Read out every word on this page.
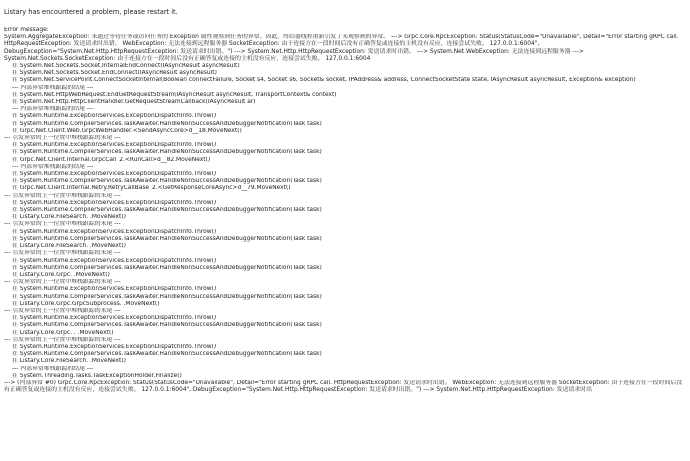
Listary has encountered a problem, please restart it.
Error message:
System.AggregateException: 未通过等待任务或访问任务的 Exception 属性观察到任务的异常。因此，终结器线程重新引发了未观察到的异常。 ---> Grpc.Core.RpcException: Status(StatusCode="Unavailable", Detail="Error starting gRPC call. HttpRequestException: 发送请求时出错。 WebException: 无法连接到远程服务器 SocketException: 由于连接方在一段时间后没有正确答复或连接的主机没有反应，连接尝试失败。 127.0.0.1:6004", DebugException="System.Net.Http.HttpRequestException: 发送请求时出错。") ---> System.Net.Http.HttpRequestException: 发送请求时出错。 ---> System.Net.WebException: 无法连接到远程服务器 ---> System.Net.Sockets.SocketException: 由于连接方在一段时间后没有正确答复或连接的主机没有反应，连接尝试失败。 127.0.0.1:6004
在 System.Net.Sockets.Socket.InternalEndConnect(IAsyncResult asyncResult)
在 System.Net.Sockets.Socket.EndConnect(IAsyncResult asyncResult)
在 System.Net.ServicePoint.ConnectSocketInternal(Boolean connectFailure, Socket s4, Socket s6, Socket& socket, IPAddress& address, ConnectSocketState state, IAsyncResult asyncResult, Exception& exception)
--- 内部异常堆栈跟踪的结尾 ---
在 System.Net.HttpWebRequest.EndGetRequestStream(IAsyncResult asyncResult, TransportContext& context)
在 System.Net.Http.HttpClientHandler.GetRequestStreamCallback(IAsyncResult ar)
--- 内部异常堆栈跟踪的结尾 ---
在 System.Runtime.ExceptionServices.ExceptionDispatchInfo.Throw()
在 System.Runtime.CompilerServices.TaskAwaiter.HandleNonSuccessAndDebuggerNotification(Task task)
在 Grpc.Net.Client.Web.GrpcWebHandler.<SendAsyncCore>d__18.MoveNext()
--- 引发异常的上一位置中堆栈跟踪的末尾 ---
在 System.Runtime.ExceptionServices.ExceptionDispatchInfo.Throw()
在 System.Runtime.CompilerServices.TaskAwaiter.HandleNonSuccessAndDebuggerNotification(Task task)
在 Grpc.Net.Client.Internal.GrpcCall`2.<RunCall>d__82.MoveNext()
--- 内部异常堆栈跟踪的结尾 ---
在 System.Runtime.ExceptionServices.ExceptionDispatchInfo.Throw()
在 System.Runtime.CompilerServices.TaskAwaiter.HandleNonSuccessAndDebuggerNotification(Task task)
在 Grpc.Net.Client.Internal.Retry.RetryCallBase`2.<GetResponseCoreAsync>d__79.MoveNext()
--- 引发异常的上一位置中堆栈跟踪的末尾 ---
在 System.Runtime.ExceptionServices.ExceptionDispatchInfo.Throw()
在 System.Runtime.CompilerServices.TaskAwaiter.HandleNonSuccessAndDebuggerNotification(Task task)
在 Listary.Core.FileSearch. .MoveNext()
--- 引发异常的上一位置中堆栈跟踪的末尾 ---
在 System.Runtime.ExceptionServices.ExceptionDispatchInfo.Throw()
在 System.Runtime.CompilerServices.TaskAwaiter.HandleNonSuccessAndDebuggerNotification(Task task)
在 Listary.Core.FileSearch. .MoveNext()
--- 引发异常的上一位置中堆栈跟踪的末尾 ---
在 System.Runtime.ExceptionServices.ExceptionDispatchInfo.Throw()
在 System.Runtime.CompilerServices.TaskAwaiter.HandleNonSuccessAndDebuggerNotification(Task task)
在 Listary.Core.Grpc. .MoveNext()
--- 引发异常的上一位置中堆栈跟踪的末尾 ---
在 System.Runtime.ExceptionServices.ExceptionDispatchInfo.Throw()
在 System.Runtime.CompilerServices.TaskAwaiter.HandleNonSuccessAndDebuggerNotification(Task task)
在 Listary.Core.Grpc.GrpcSubprocess. .MoveNext()
--- 引发异常的上一位置中堆栈跟踪的末尾 ---
在 System.Runtime.ExceptionServices.ExceptionDispatchInfo.Throw()
在 System.Runtime.CompilerServices.TaskAwaiter.HandleNonSuccessAndDebuggerNotification(Task task)
在 Listary.Core.Grpc. . .MoveNext()
--- 引发异常的上一位置中堆栈跟踪的末尾 ---
在 System.Runtime.ExceptionServices.ExceptionDispatchInfo.Throw()
在 System.Runtime.CompilerServices.TaskAwaiter.HandleNonSuccessAndDebuggerNotification(Task task)
在 Listary.Core.FileSearch. .MoveNext()
--- 内部异常堆栈跟踪的结尾 ---
在 System.Threading.Tasks.TaskExceptionHolder.Finalize()
---> (内部异常 #0) Grpc.Core.RpcException: Status(StatusCode="Unavailable", Detail="Error starting gRPC call. HttpRequestException: 发送请求时出错。 WebException: 无法连接到远程服务器 SocketException: 由于连接方在一段时间后没有正确答复或连接的主机没有反应，连接尝试失败。 127.0.0.1:6004", DebugException="System.Net.Http.HttpRequestException: 发送请求时出错。") ---> System.Net.Http.HttpRequestException: 发送请求时出
